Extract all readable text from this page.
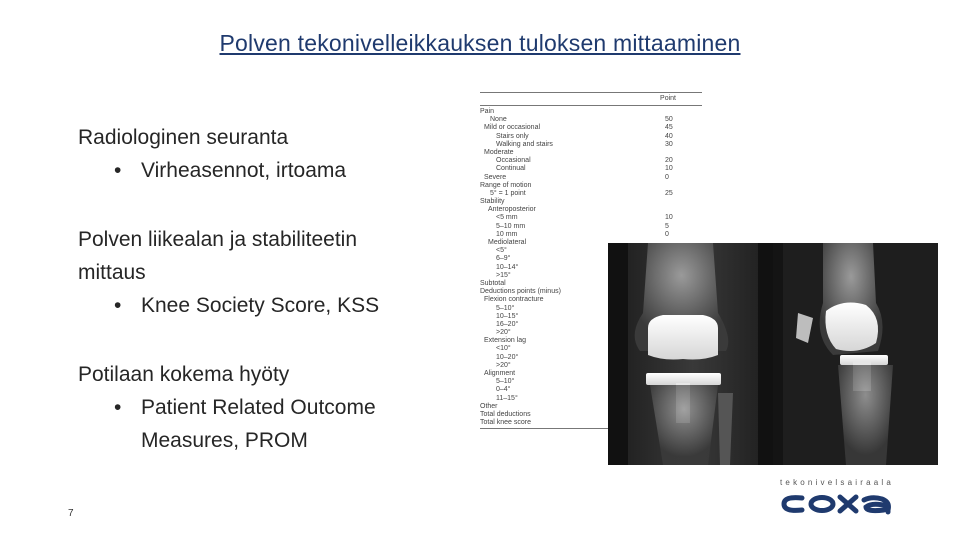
Polven tekonivelleikkauksen tuloksen mittaaminen
Radiologinen seuranta
• Virheasennot, irtoama
Polven liikealan ja stabiliteetin
mittaus
• Knee Society Score, KSS
Potilaan kokema hyöty
• Patient Related Outcome
Measures, PROM
7
Point
Pain
None	50
Mild or occasional	45
Stairs only	40
Walking and stairs	30
Moderate
Occasional	20
Continual	10
Severe	0
Range of motion
5° = 1 point	25
Stability
Anteroposterior
<5 mm	10
5–10 mm	5
10 mm	0
Mediolateral
<5°
6–9°
10–14°
>15°
Subtotal
Deductions points (minus)
Flexion contracture
5–10°
10–15°
16–20°
>20°
Extension lag
<10°
10–20°
>20°
Alignment
5–10°
0–4°
11–15°
Other
Total deductions
Total knee score
tekonivelsairaala
